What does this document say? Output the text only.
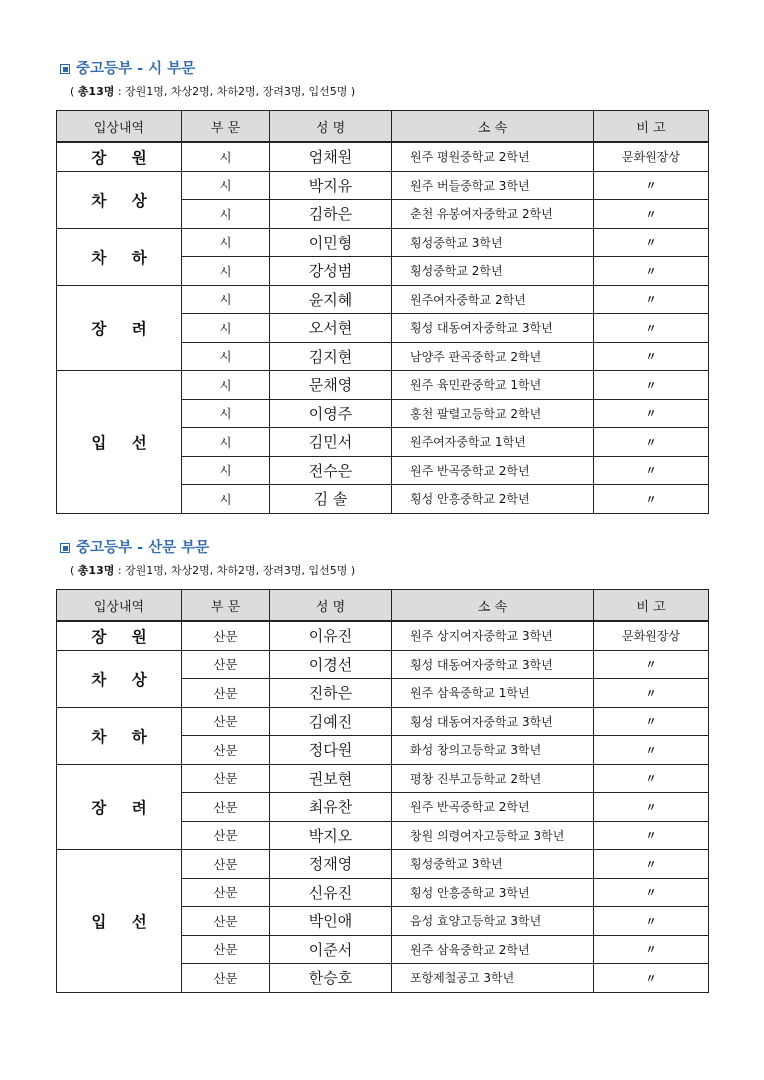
중고등부 - 시 부문
( 총13명 : 장원1명, 차상2명, 차하2명, 장려3명, 입선5명 )
입상내역	부 문	성 명	소 속	비 고
장 원	시	엄채원	원주 평원중학교 2학년	문화원장상
차 상	시	박지유	원주 버들중학교 3학년	〃
	시	김하은	춘천 유봉여자중학교 2학년	〃
차 하	시	이민형	횡성중학교 3학년	〃
	시	강성범	횡성중학교 2학년	〃
장 려	시	윤지혜	원주여자중학교 2학년	〃
	시	오서현	횡성 대동여자중학교 3학년	〃
	시	김지현	남양주 판곡중학교 2학년	〃
입 선	시	문채영	원주 육민관중학교 1학년	〃
	시	이영주	홍천 팔렬고등학교 2학년	〃
	시	김민서	원주여자중학교 1학년	〃
	시	전수은	원주 반곡중학교 2학년	〃
	시	김 솔	횡성 안흥중학교 2학년	〃
중고등부 - 산문 부문
( 총13명 : 장원1명, 차상2명, 차하2명, 장려3명, 입선5명 )
입상내역	부 문	성 명	소 속	비 고
장 원	산문	이유진	원주 상지여자중학교 3학년	문화원장상
차 상	산문	이경선	횡성 대동여자중학교 3학년	〃
	산문	진하은	원주 삼육중학교 1학년	〃
차 하	산문	김예진	횡성 대동여자중학교 3학년	〃
	산문	정다원	화성 창의고등학교 3학년	〃
장 려	산문	권보현	평창 진부고등학교 2학년	〃
	산문	최유찬	원주 반곡중학교 2학년	〃
	산문	박지오	창원 의령여자고등학교 3학년	〃
입 선	산문	정재영	횡성중학교 3학년	〃
	산문	신유진	횡성 안흥중학교 3학년	〃
	산문	박인애	음성 효양고등학교 3학년	〃
	산문	이준서	원주 삼육중학교 2학년	〃
	산문	한승호	포항제철공고 3학년	〃
